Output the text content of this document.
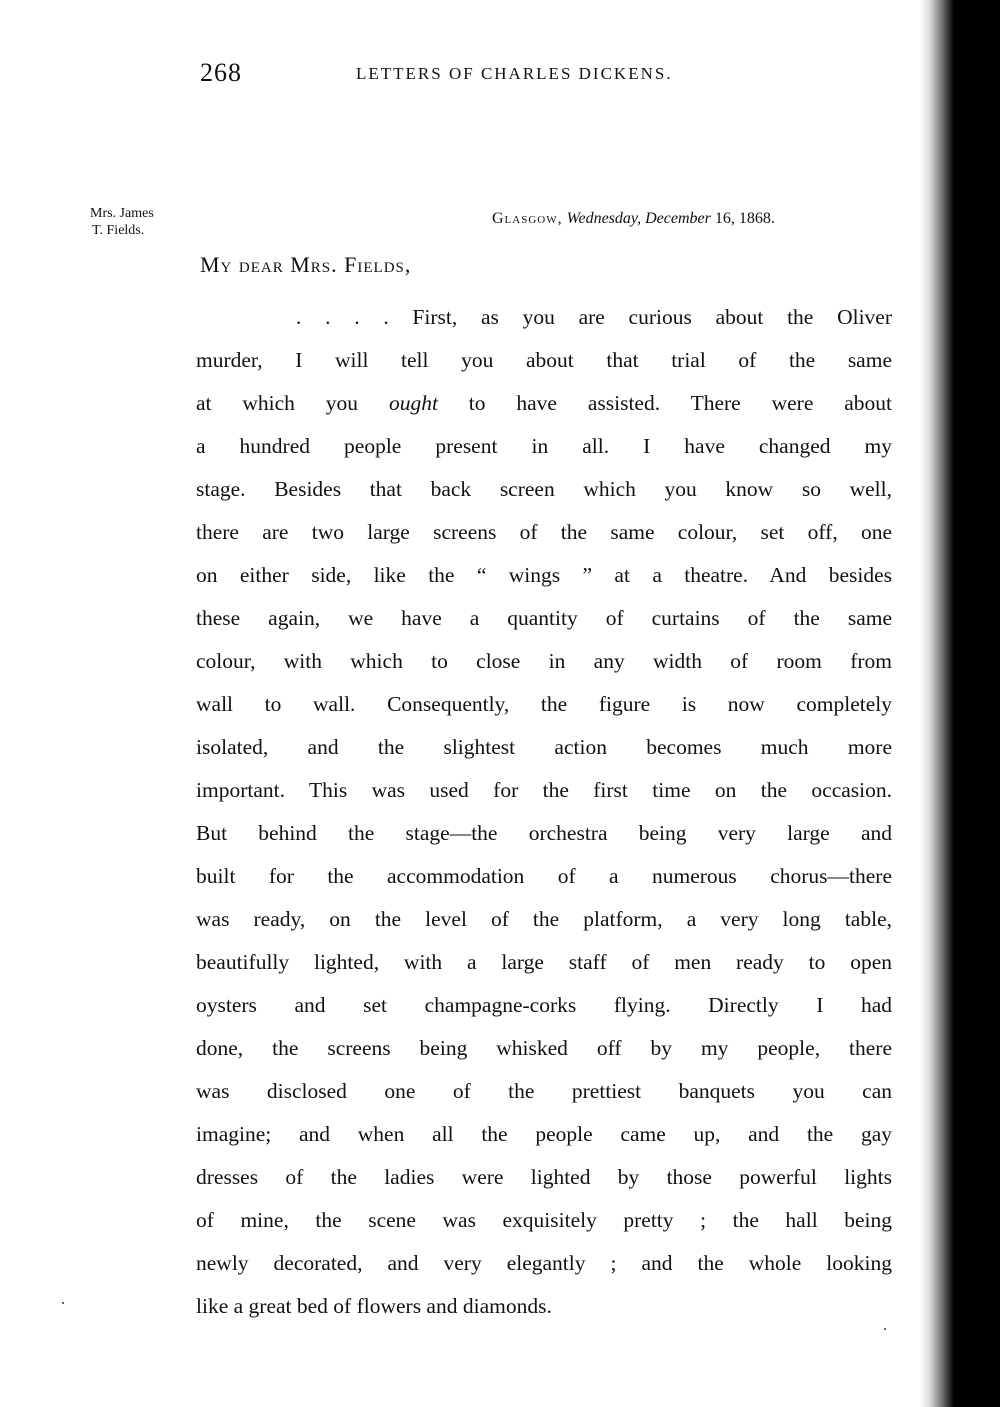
268	LETTERS OF CHARLES DICKENS.
Mrs. James
T. Fields.
Glasgow, Wednesday, December 16, 1868.
My dear Mrs. Fields,
. . . . First, as you are curious about the Oliver
murder, I will tell you about that trial of the same
at which you ought to have assisted. There were about
a hundred people present in all. I have changed my
stage. Besides that back screen which you know so well,
there are two large screens of the same colour, set off, one
on either side, like the “ wings ” at a theatre. And besides
these again, we have a quantity of curtains of the same
colour, with which to close in any width of room from
wall to wall. Consequently, the figure is now completely
isolated, and the slightest action becomes much more
important. This was used for the first time on the occasion.
But behind the stage—the orchestra being very large and
built for the accommodation of a numerous chorus—there
was ready, on the level of the platform, a very long table,
beautifully lighted, with a large staff of men ready to open
oysters and set champagne-corks flying. Directly I had
done, the screens being whisked off by my people, there
was disclosed one of the prettiest banquets you can
imagine; and when all the people came up, and the gay
dresses of the ladies were lighted by those powerful lights
of mine, the scene was exquisitely pretty ; the hall being
newly decorated, and very elegantly ; and the whole looking
like a great bed of flowers and diamonds.
